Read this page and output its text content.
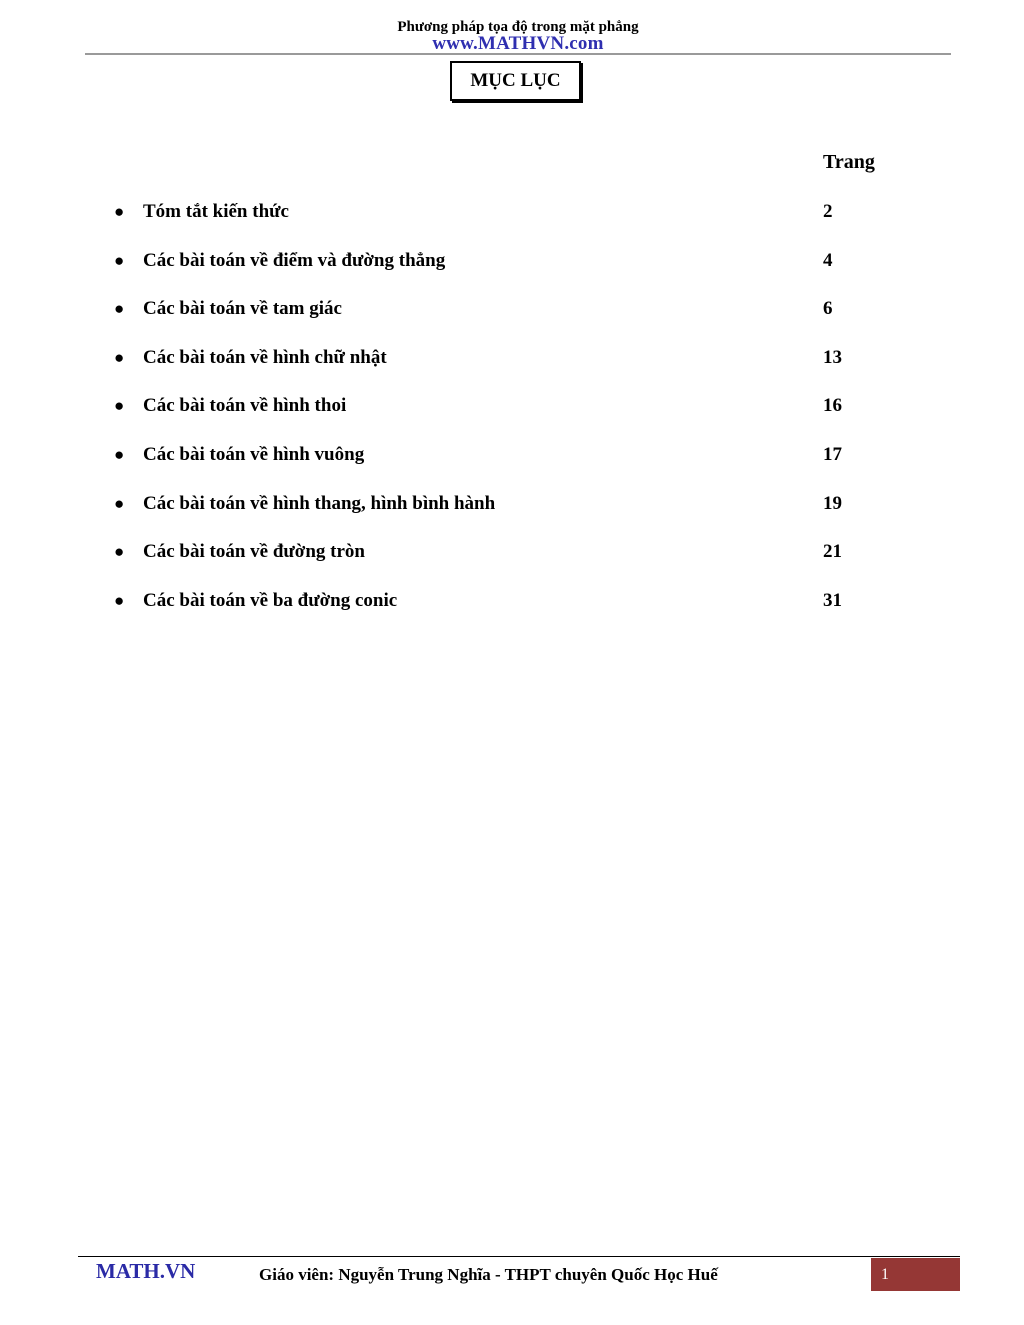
Phương pháp tọa độ trong mặt phẳng
www.MATHVN.com
MỤC LỤC
Trang
● Tóm tắt kiến thức	2
● Các bài toán về điểm và đường thẳng	4
● Các bài toán về tam giác	6
● Các bài toán về hình chữ nhật	13
● Các bài toán về hình thoi	16
● Các bài toán về hình vuông	17
● Các bài toán về hình thang, hình bình hành	19
● Các bài toán về đường tròn	21
● Các bài toán về ba đường conic	31
MATH.VN	Giáo viên: Nguyễn Trung Nghĩa - THPT chuyên Quốc Học Huế	1
